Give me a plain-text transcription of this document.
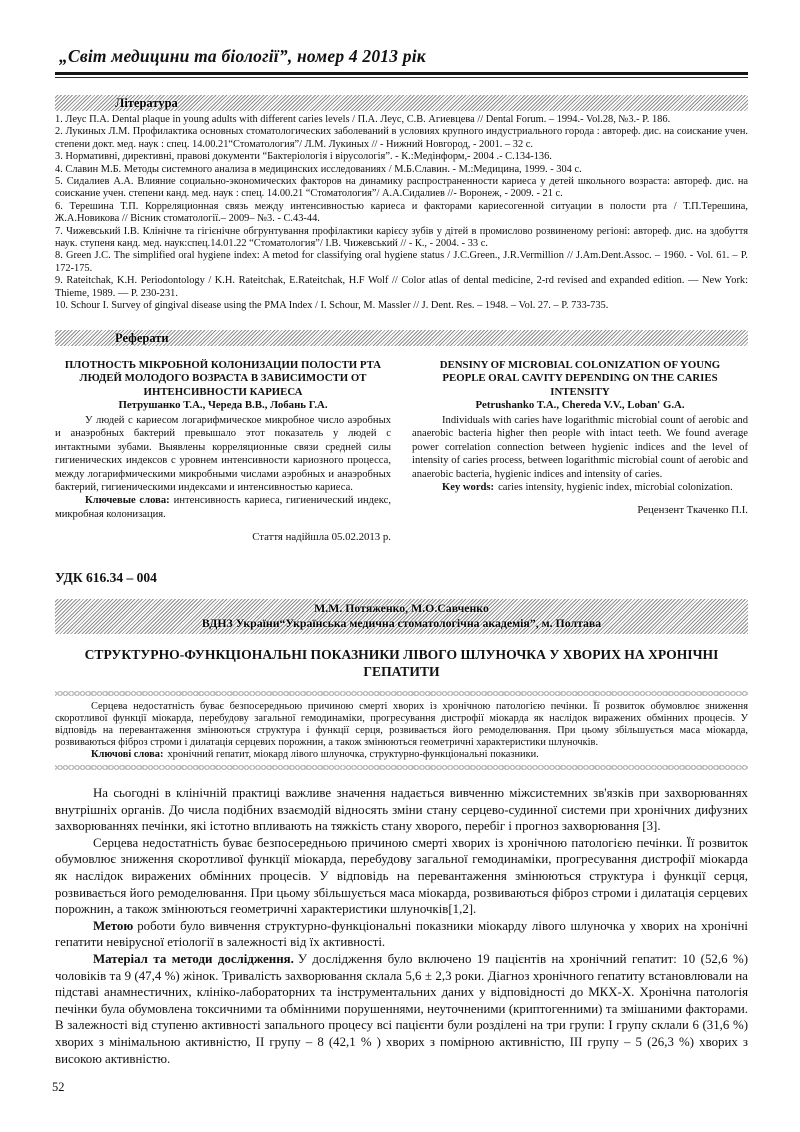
„Світ медицини та біології”, номер 4 2013 рік
Література
1. Леус П.А. Dental plaque in young adults with different caries levels / П.А. Леус, С.В. Агиевцева // Dental Forum. – 1994.- Vol.28, №3.- P. 186.
2. Лукиных Л.М. Профилактика основных стоматологических заболеваний в условиях крупного индустриального города : автореф. дис. на соискание учен. степени докт. мед. наук : спец. 14.00.21“Стоматология”/ Л.М. Лукиных // - Нижний Новгород, - 2001. – 32 с.
3. Нормативні, директивні, правові документи “Бактеріологія і вірусологія”. - К.:Медінформ,- 2004 .- С.134-136.
4. Славин М.Б. Методы системного анализа в медицинских исследованиях / М.Б.Славин. - М.:Медицина, 1999. - 304 с.
5. Сидалиев А.А. Влияние социально-экономических факторов на динамику распространенности кариеса у детей школьного возраста: автореф. дис. на соискание учен. степени канд. мед. наук : спец. 14.00.21 “Стоматология”/ А.А.Сидалиев //- Воронеж, - 2009. - 21 с.
6. Терешина Т.П. Корреляционная связь между интенсивностью кариеса и факторами кариесогенной ситуации в полости рта / Т.П.Терешина, Ж.А.Новикова // Вісник стоматології.– 2009– №3. - С.43-44.
7. Чижевський І.В. Клінічне та гігієнічне обгрунтування профілактики карієсу зубів у дітей в промислово розвиненому регіоні: автореф. дис. на здобуття наук. ступеня канд. мед. наук:спец.14.01.22 “Стоматология”/ І.В. Чижевський // - К., - 2004. - 33 с.
8. Green J.C. The simplified oral hygiene index: A metod for classifying oral hygiene status / J.C.Green., J.R.Vermillion // J.Am.Dent.Assoc. – 1960. - Vol. 61. – P. 172-175.
9. Rateitchak, K.H. Periodontology / K.H. Rateitchak, E.Rateitchak, H.F Wolf // Color atlas of dental medicine, 2-rd revised and expanded edition. — New York: Thieme, 1989. — P. 230-231.
10. Schour I. Survey of gingival disease using the PMA Index / I. Schour, M. Massler // J. Dent. Res. – 1948. – Vol. 27. – P. 733-735.
Реферати
ПЛОТНОСТЬ МІКРОБНОЙ КОЛОНИЗАЦИИ ПОЛОСТИ РТА ЛЮДЕЙ МОЛОДОГО ВОЗРАСТА В ЗАВИСИМОСТИ ОТ ИНТЕНСИВНОСТИ КАРИЕСА
Петрушанко Т.А., Череда В.В., Лобань Г.А.
У людей с кариесом логарифмическое микробное число аэробных и анаэробных бактерий превышало этот показатель у людей с интактными зубами. Выявлены корреляционные связи средней силы гигиенических индексов с уровнем интенсивности кариозного процесса, между логарифмическими микробными числами аэробных и анаэробных бактерий, гигиеническими индексами и интенсивностью кариеса.
Ключевые слова: интенсивность кариеса, гигиенический индекс, микробная колонизация.
Стаття надійшла 05.02.2013 р.
DENSINY OF MICROBIAL COLONIZATION OF YOUNG PEOPLE ORAL CAVITY DEPENDING ON THE CARIES INTENSITY
Petrushanko T.A., Chereda V.V., Loban' G.A.
Individuals with caries have logarithmic microbial count of aerobic and anaerobic bacteria higher then people with intact teeth. We found average power correlation connection between hygienic indices and the level of intensity of caries process, between logarithmic microbial count of aerobic and anaerobic bacteria, hygienic indices and intensity of caries.
Key words: caries intensity, hygienic index, microbial colonization.
Рецензент Ткаченко П.І.
УДК 616.34 – 004
М.М. Потяженко, М.О.Савченко
ВДНЗ України“Українська медична стоматологічна академія”, м. Полтава
СТРУКТУРНО-ФУНКЦІОНАЛЬНІ ПОКАЗНИКИ ЛІВОГО ШЛУНОЧКА У ХВОРИХ НА ХРОНІЧНІ ГЕПАТИТИ

Серцева недостатність буває безпосередньою причиною смерті хворих із хронічною патологією печінки. Її розвиток обумовлює зниження скоротливої функції міокарда, перебудову загальної гемодинаміки, прогресування дистрофії міокарда як наслідок виражених обмінних процесів. У відповідь на перевантаження змінюються структура і функції серця, розвивається його ремоделювання. При цьому збільшується маса міокарда, розвиваються фіброз строми і дилатація серцевих порожнин, а також змінюються геометричні характеристики шлуночків.

Ключові слова: хронічний гепатит, міокард лівого шлуночка, структурно-функціональні показники.

На сьогодні в клінічній практиці важливе значення надається вивченню міжсистемних зв'язків при захворюваннях внутрішніх органів. До числа подібних взаємодій відносять зміни стану серцево-судинної системи при хронічних дифузних захворюваннях печінки, які істотно впливають на тяжкість стану хворого, перебіг і прогноз захворювання [3].

Серцева недостатність буває безпосередньою причиною смерті хворих із хронічною патологією печінки. Її розвиток обумовлює зниження скоротливої функції міокарда, перебудову загальної гемодинаміки, прогресування дистрофії міокарда як наслідок виражених обмінних процесів. У відповідь на перевантаження змінюються структура і функції серця, розвивається його ремоделювання. При цьому збільшується маса міокарда, розвиваються фіброз строми і дилатація серцевих порожнин, а також змінюються геометричні характеристики шлуночків[1,2].

Метою роботи було вивчення структурно-функціональні показники міокарду лівого шлуночка у хворих на хронічні гепатити невірусної етіології в залежності від їх активності.

Матеріал та методи дослідження. У дослідження було включено 19 пацієнтів на хронічний гепатит: 10 (52,6 %) чоловіків та 9 (47,4 %) жінок. Тривалість захворювання склала 5,6 ± 2,3 роки. Діагноз хронічного гепатиту встановлювали на підставі анамнестичних, клініко-лабораторних та інструментальних даних у відповідності до МКХ-Х. Хронічна патологія печінки була обумовлена токсичними та обмінними порушеннями, неуточненими (криптогенними) та змішаними факторами. В залежності від ступеню активності запального процесу всі пацієнти були розділені на три групи: І групу склали 6 (31,6 %) хворих з мінімальною активністю, ІІ групу – 8 (42,1 % ) хворих з помірною активністю, ІІІ групу – 5 (26,3 %) хворих з високою активністю.

52
